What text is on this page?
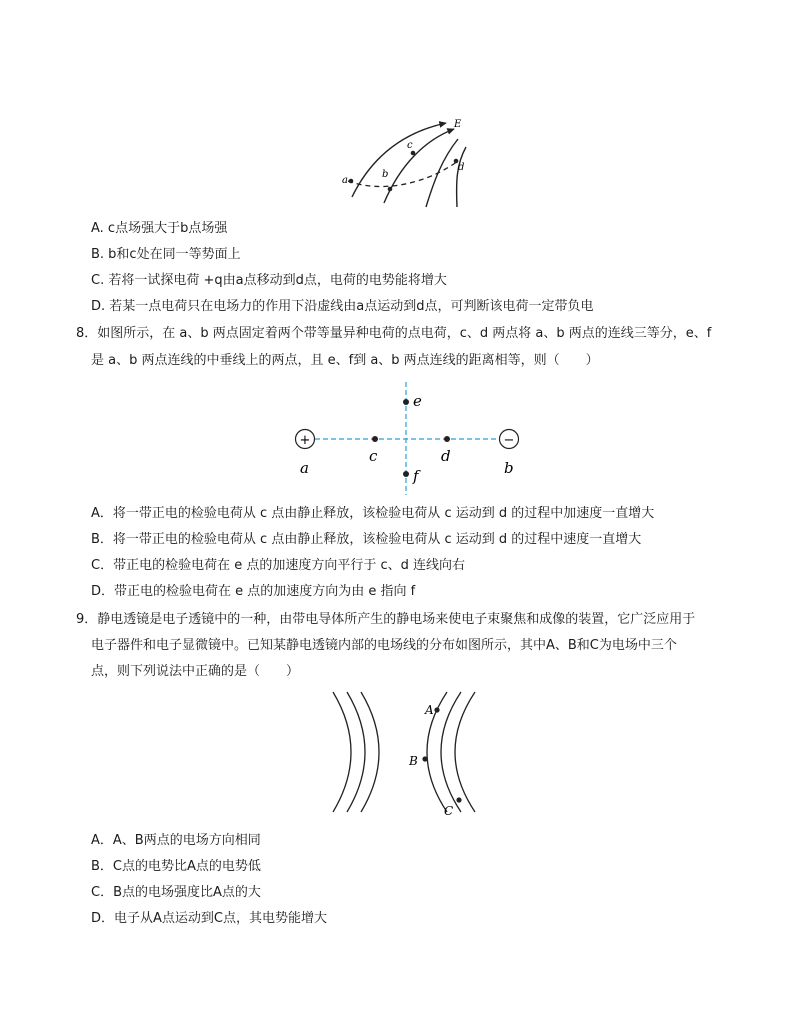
E
a
b
c
d
A. c点场强大于b点场强
B. b和c处在同一等势面上
C. 若将一试探电荷 +q由a点移动到d点，电荷的电势能将增大
D. 若某一点电荷只在电场力的作用下沿虚线由a点运动到d点，可判断该电荷一定带负电
8．如图所示，在 a、b 两点固定着两个带等量异种电荷的点电荷，c、d 两点将 a、b 两点的连线三等分，e、f
是 a、b 两点连线的中垂线上的两点，且 e、f到 a、b 两点连线的距离相等，则（　　）
+	−
a	b
c	d
e
f
A．将一带正电的检验电荷从 c 点由静止释放，该检验电荷从 c 运动到 d 的过程中加速度一直增大
B．将一带正电的检验电荷从 c 点由静止释放，该检验电荷从 c 运动到 d 的过程中速度一直增大
C．带正电的检验电荷在 e 点的加速度方向平行于 c、d 连线向右
D．带正电的检验电荷在 e 点的加速度方向为由 e 指向 f
9．静电透镜是电子透镜中的一种，由带电导体所产生的静电场来使电子束聚焦和成像的装置，它广泛应用于
电子器件和电子显微镜中。已知某静电透镜内部的电场线的分布如图所示，其中A、B和C为电场中三个
点，则下列说法中正确的是（　　）
A
B
C
A．A、B两点的电场方向相同
B．C点的电势比A点的电势低
C．B点的电场强度比A点的大
D．电子从A点运动到C点，其电势能增大
